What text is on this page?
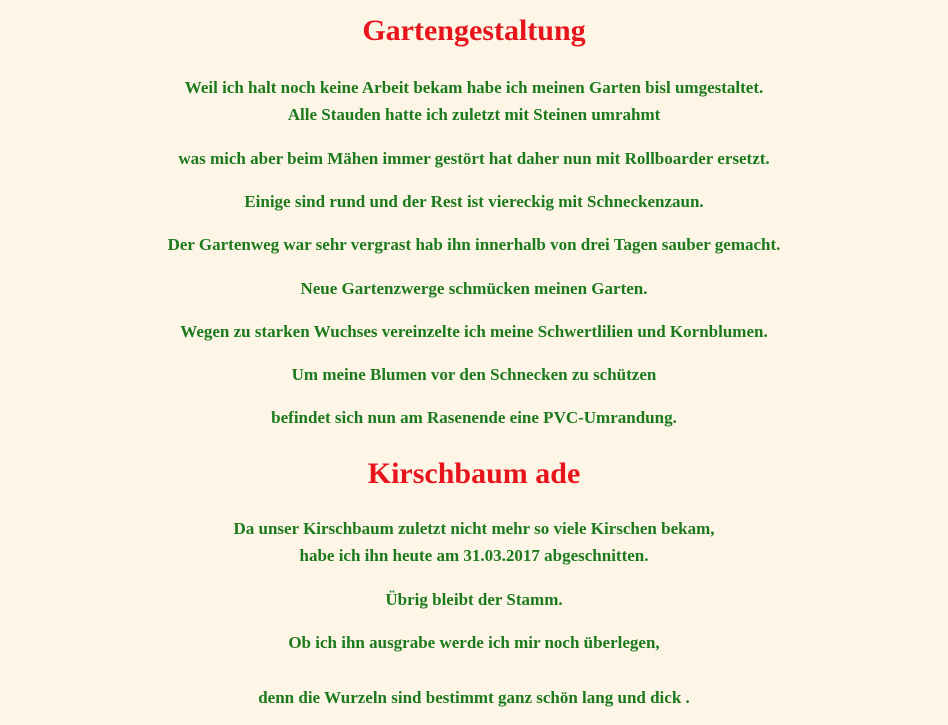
Gartengestaltung

Weil ich halt noch keine Arbeit bekam habe ich meinen Garten bisl umgestaltet.

Alle Stauden hatte ich zuletzt mit Steinen umrahmt

was mich aber beim Mähen immer gestört hat daher nun mit Rollboarder ersetzt.

Einige sind rund und der Rest ist viereckig mit Schneckenzaun.

Der Gartenweg war sehr vergrast hab ihn innerhalb von drei Tagen sauber gemacht.

Neue Gartenzwerge schmücken meinen Garten.

Wegen zu starken Wuchses vereinzelte ich meine Schwertlilien und Kornblumen.

Um meine Blumen vor den Schnecken zu schützen

befindet sich nun am Rasenende eine PVC-Umrandung.

Kirschbaum ade

Da unser Kirschbaum zuletzt nicht mehr so viele Kirschen bekam,

habe ich ihn heute am 31.03.2017 abgeschnitten.

Übrig bleibt der Stamm.

Ob ich ihn ausgrabe werde ich mir noch überlegen,

denn die Wurzeln sind bestimmt ganz schön lang und dick .
